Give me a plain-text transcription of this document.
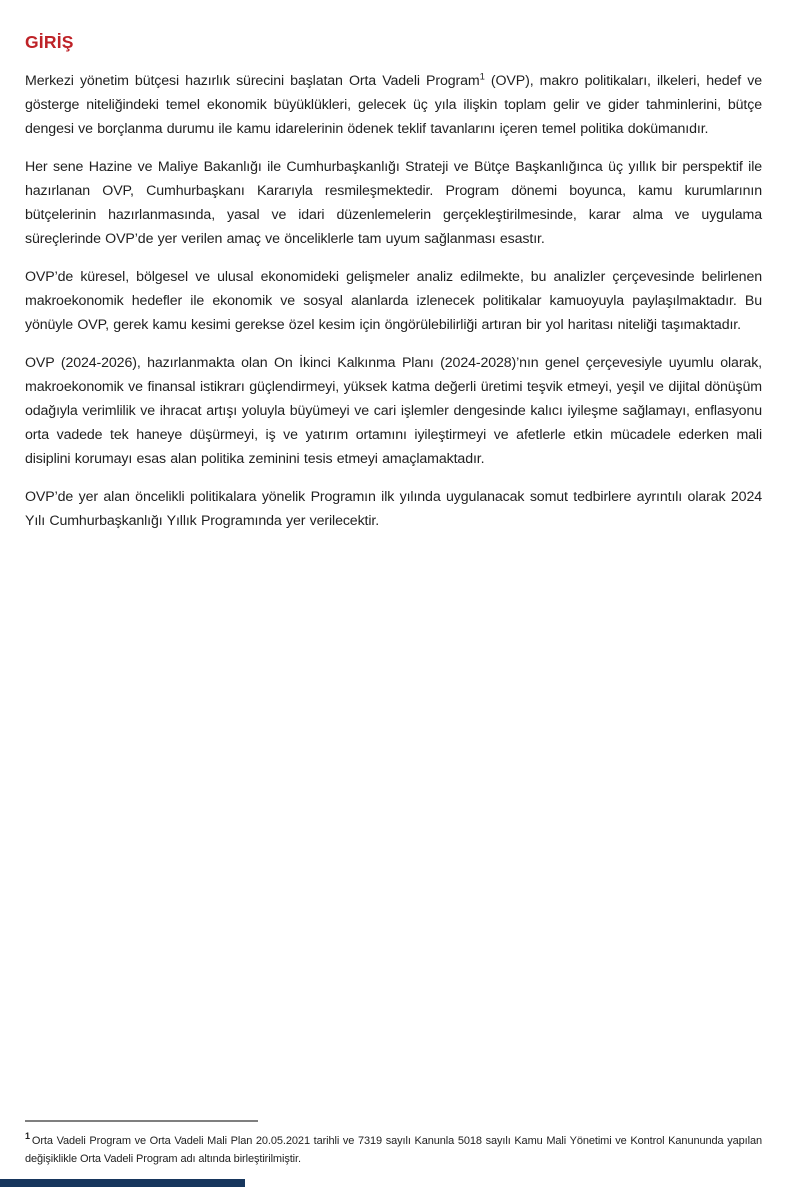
GİRİŞ

Merkezi yönetim bütçesi hazırlık sürecini başlatan Orta Vadeli Program$^1$ (OVP), makro politikaları, ilkeleri, hedef ve gösterge niteliğindeki temel ekonomik büyüklükleri, gelecek üç yıla ilişkin toplam gelir ve gider tahminlerini, bütçe dengesi ve borçlanma durumu ile kamu idarelerinin ödenek teklif tavanlarını içeren temel politika dokümanıdır.

Her sene Hazine ve Maliye Bakanlığı ile Cumhurbaşkanlığı Strateji ve Bütçe Başkanlığınca üç yıllık bir perspektif ile hazırlanan OVP, Cumhurbaşkanı Kararıyla resmileşmektedir. Program dönemi boyunca, kamu kurumlarının bütçelerinin hazırlanmasında, yasal ve idari düzenlemelerin gerçekleştirilmesinde, karar alma ve uygulama süreçlerinde OVP’de yer verilen amaç ve önceliklerle tam uyum sağlanması esastır.

OVP’de küresel, bölgesel ve ulusal ekonomideki gelişmeler analiz edilmekte, bu analizler çerçevesinde belirlenen makroekonomik hedefler ile ekonomik ve sosyal alanlarda izlenecek politikalar kamuoyuyla paylaşılmaktadır. Bu yönüyle OVP, gerek kamu kesimi gerekse özel kesim için öngörülebilirliği artıran bir yol haritası niteliği taşımaktadır.

OVP (2024-2026), hazırlanmakta olan On İkinci Kalkınma Planı (2024-2028)’nın genel çerçevesiyle uyumlu olarak, makroekonomik ve finansal istikrarı güçlendirmeyi, yüksek katma değerli üretimi teşvik etmeyi, yeşil ve dijital dönüşüm odağıyla verimlilik ve ihracat artışı yoluyla büyümeyi ve cari işlemler dengesinde kalıcı iyileşme sağlamayı, enflasyonu orta vadede tek haneye düşürmeyi, iş ve yatırım ortamını iyileştirmeyi ve afetlerle etkin mücadele ederken mali disiplini korumayı esas alan politika zeminini tesis etmeyi amaçlamaktadır.

OVP’de yer alan öncelikli politikalara yönelik Programın ilk yılında uygulanacak somut tedbirlere ayrıntılı olarak 2024 Yılı Cumhurbaşkanlığı Yıllık Programında yer verilecektir.

$^1$ Orta Vadeli Program ve Orta Vadeli Mali Plan 20.05.2021 tarihli ve 7319 sayılı Kanunla 5018 sayılı Kamu Mali Yönetimi ve Kontrol Kanununda yapılan değişiklikle Orta Vadeli Program adı altında birleştirilmiştir.
